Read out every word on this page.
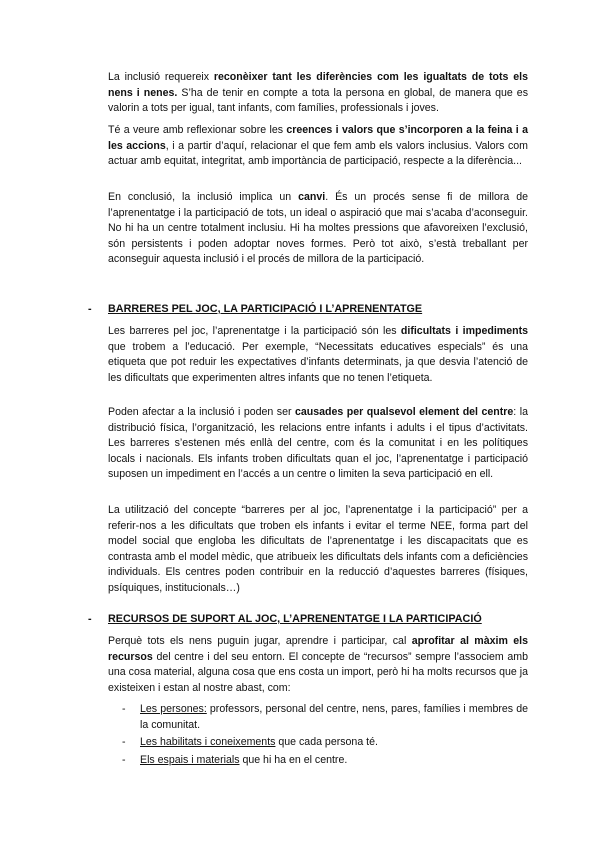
La inclusió requereix reconèixer tant les diferències com les igualtats de tots els nens i nenes. S’ha de tenir en compte a tota la persona en global, de manera que es valorin a tots per igual, tant infants, com famílies, professionals i joves.

Té a veure amb reflexionar sobre les creences i valors que s’incorporen a la feina i a les accions, i a partir d’aquí, relacionar el que fem amb els valors inclusius. Valors com actuar amb equitat, integritat, amb importància de participació, respecte a la diferència...

En conclusió, la inclusió implica un canvi. És un procés sense fi de millora de l’aprenentatge i la participació de tots, un ideal o aspiració que mai s’acaba d’aconseguir. No hi ha un centre totalment inclusiu. Hi ha moltes pressions que afavoreixen l’exclusió, són persistents i poden adoptar noves formes. Però tot això, s’està treballant per aconseguir aquesta inclusió i el procés de millora de la participació.

- BARRERES PEL JOC, LA PARTICIPACIÓ I L’APRENENTATGE

Les barreres pel joc, l’aprenentatge i la participació són les dificultats i impediments que trobem a l’educació. Per exemple, “Necessitats educatives especials” és una etiqueta que pot reduir les expectatives d’infants determinats, ja que desvia l’atenció de les dificultats que experimenten altres infants que no tenen l’etiqueta.

Poden afectar a la inclusió i poden ser causades per qualsevol element del centre: la distribució física, l’organització, les relacions entre infants i adults i el tipus d’activitats. Les barreres s’estenen més enllà del centre, com és la comunitat i en les polítiques locals i nacionals. Els infants troben dificultats quan el joc, l’aprenentatge i participació suposen un impediment en l’accés a un centre o limiten la seva participació en ell.

La utilització del concepte “barreres per al joc, l’aprenentatge i la participació” per a referir-nos a les dificultats que troben els infants i evitar el terme NEE, forma part del model social que engloba les dificultats de l’aprenentatge i les discapacitats que es contrasta amb el model mèdic, que atribueix les dificultats dels infants com a deficiències individuals. Els centres poden contribuir en la reducció d’aquestes barreres (físiques, psíquiques, institucionals…)

- RECURSOS DE SUPORT AL JOC, L’APRENENTATGE I LA PARTICIPACIÓ

Perquè tots els nens puguin jugar, aprendre i participar, cal aprofitar al màxim els recursos del centre i del seu entorn. El concepte de “recursos” sempre l’associem amb una cosa material, alguna cosa que ens costa un import, però hi ha molts recursos que ja existeixen i estan al nostre abast, com:

- Les persones: professors, personal del centre, nens, pares, famílies i membres de la comunitat.
- Les habilitats i coneixements que cada persona té.
- Els espais i materials que hi ha en el centre.
